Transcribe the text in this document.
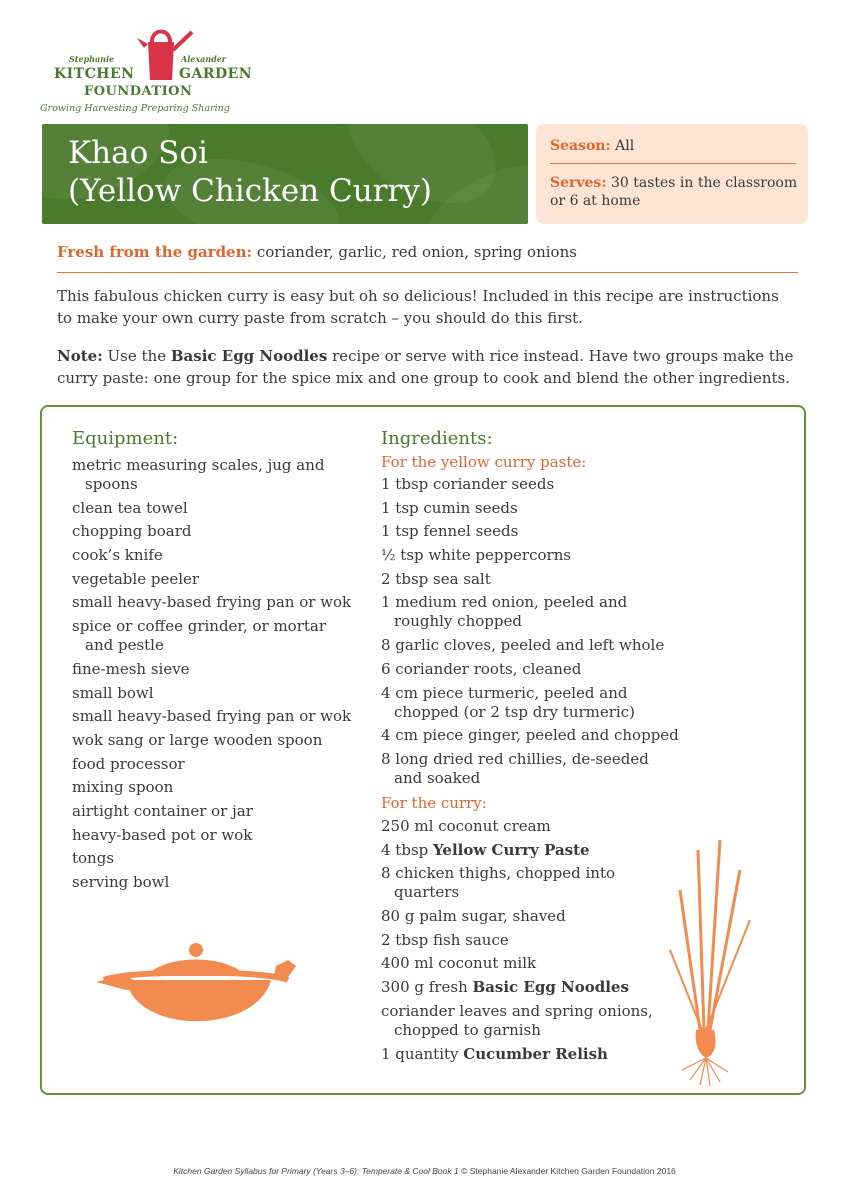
Stephanie	Alexander
KITCHEN	GARDEN
FOUNDATION
Growing Harvesting Preparing Sharing
Khao Soi
(Yellow Chicken Curry)
Season: All
Serves: 30 tastes in the classroom or 6 at home
Fresh from the garden: coriander, garlic, red onion, spring onions
This fabulous chicken curry is easy but oh so delicious! Included in this recipe are instructions to make your own curry paste from scratch – you should do this first.
Note: Use the Basic Egg Noodles recipe or serve with rice instead. Have two groups make the curry paste: one group for the spice mix and one group to cook and blend the other ingredients.
Equipment:
metric measuring scales, jug and spoons
clean tea towel
chopping board
cook’s knife
vegetable peeler
small heavy-based frying pan or wok
spice or coffee grinder, or mortar and pestle
fine-mesh sieve
small bowl
small heavy-based frying pan or wok
wok sang or large wooden spoon
food processor
mixing spoon
airtight container or jar
heavy-based pot or wok
tongs
serving bowl
Ingredients:
For the yellow curry paste:
1 tbsp coriander seeds
1 tsp cumin seeds
1 tsp fennel seeds
½ tsp white peppercorns
2 tbsp sea salt
1 medium red onion, peeled and roughly chopped
8 garlic cloves, peeled and left whole
6 coriander roots, cleaned
4 cm piece turmeric, peeled and chopped (or 2 tsp dry turmeric)
4 cm piece ginger, peeled and chopped
8 long dried red chillies, de-seeded and soaked
For the curry:
250 ml coconut cream
4 tbsp Yellow Curry Paste
8 chicken thighs, chopped into quarters
80 g palm sugar, shaved
2 tbsp fish sauce
400 ml coconut milk
300 g fresh Basic Egg Noodles
coriander leaves and spring onions, chopped to garnish
1 quantity Cucumber Relish
Kitchen Garden Syllabus for Primary (Years 3–6): Temperate & Cool Book 1 © Stephanie Alexander Kitchen Garden Foundation 2016
